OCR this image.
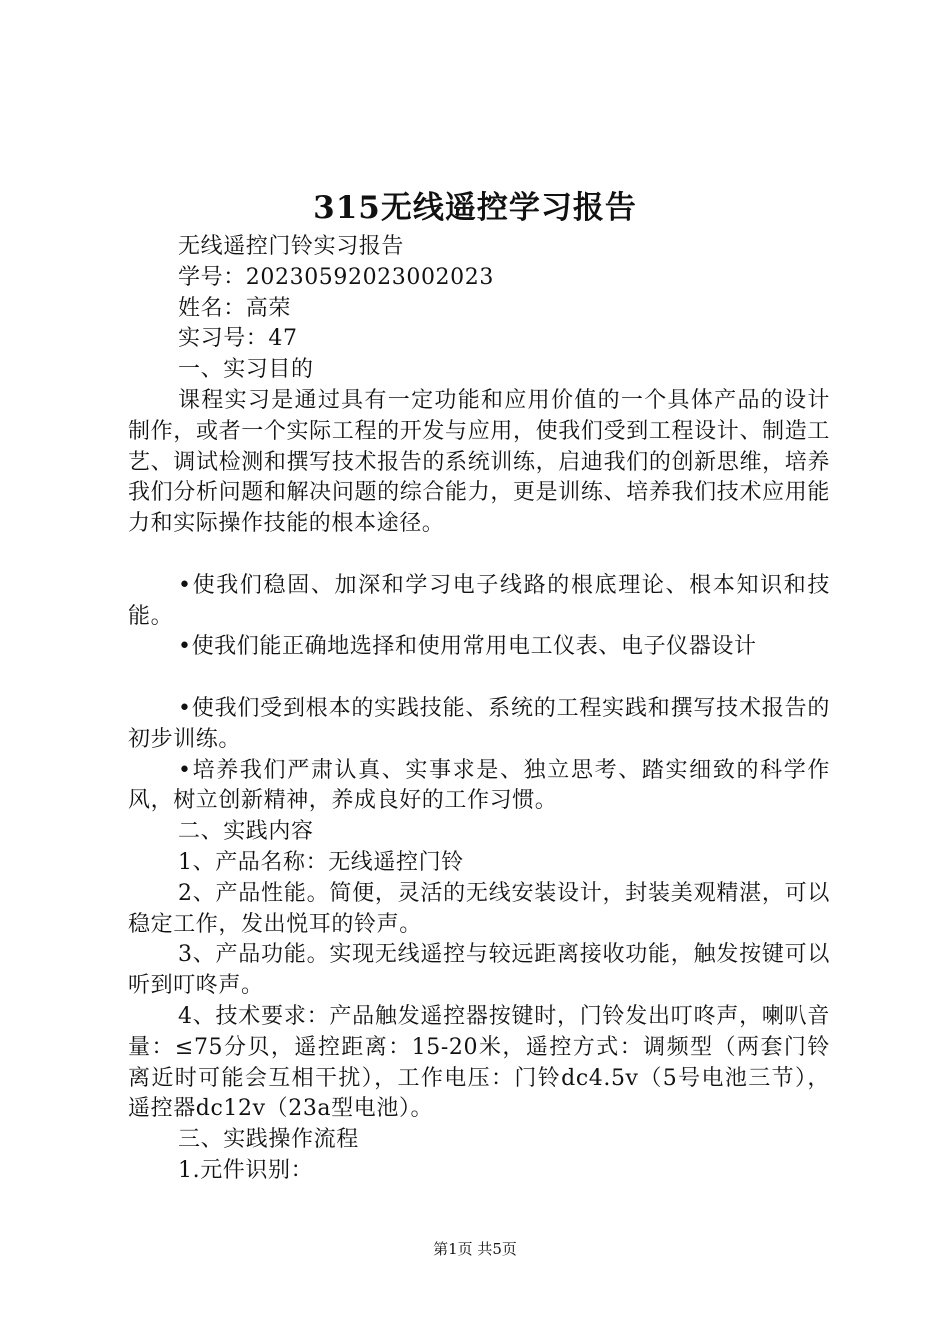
315无线遥控学习报告

无线遥控门铃实习报告

学号：20230592023002023

姓名：高荣

实习号：47

一、实习目的

课程实习是通过具有一定功能和应用价值的一个具体产品的设计制作，或者一个实际工程的开发与应用，使我们受到工程设计、制造工艺、调试检测和撰写技术报告的系统训练，启迪我们的创新思维，培养我们分析问题和解决问题的综合能力，更是训练、培养我们技术应用能力和实际操作技能的根本途径。

•使我们稳固、加深和学习电子线路的根底理论、根本知识和技能。

•使我们能正确地选择和使用常用电工仪表、电子仪器设计

•使我们受到根本的实践技能、系统的工程实践和撰写技术报告的初步训练。

•培养我们严肃认真、实事求是、独立思考、踏实细致的科学作风，树立创新精神，养成良好的工作习惯。

二、实践内容

1、产品名称：无线遥控门铃

2、产品性能。简便，灵活的无线安装设计，封装美观精湛，可以稳定工作，发出悦耳的铃声。

3、产品功能。实现无线遥控与较远距离接收功能，触发按键可以听到叮咚声。

4、技术要求：产品触发遥控器按键时，门铃发出叮咚声，喇叭音量：≤75分贝，遥控距离：15-20米，遥控方式：调频型（两套门铃离近时可能会互相干扰），工作电压：门铃dc4.5v（5号电池三节），遥控器dc12v（23a型电池）。

三、实践操作流程

1.元件识别：

第1页 共5页
